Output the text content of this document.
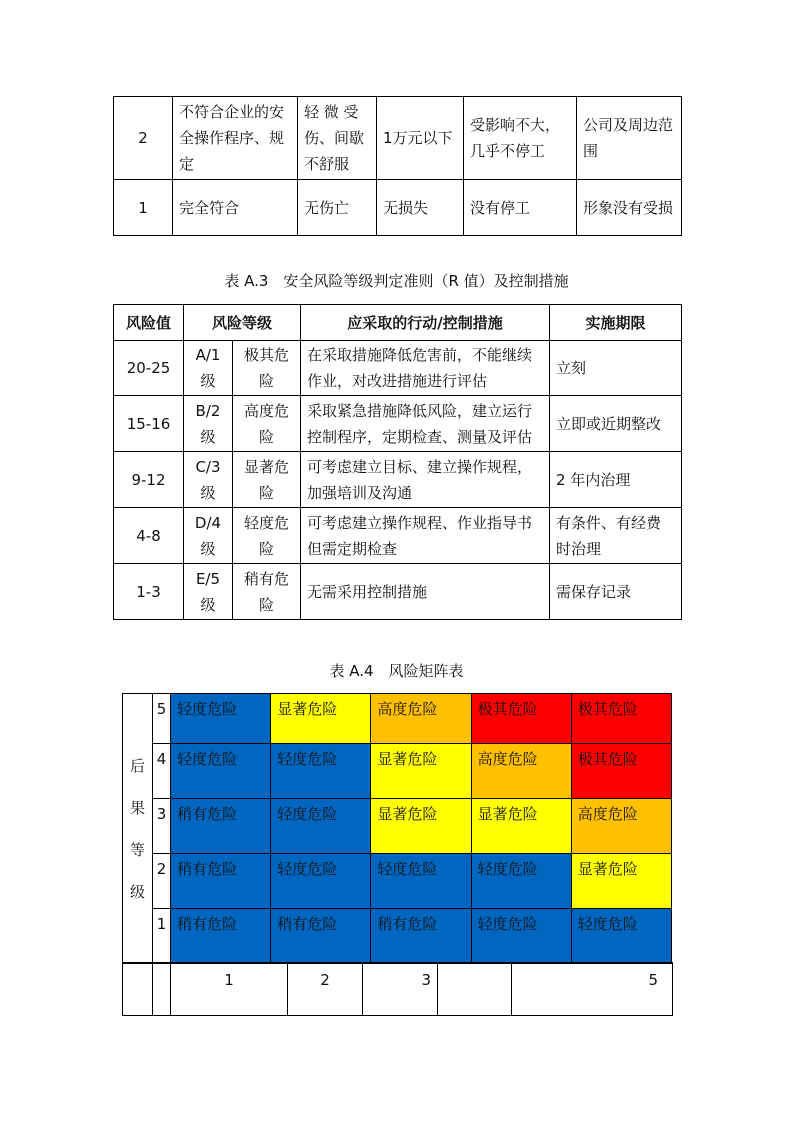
2	不符合企业的安全操作程序、规定	轻 微 受伤、间歇不舒服	1万元以下	受影响不大，几乎不停工	公司及周边范围
1	完全符合	无伤亡	无损失	没有停工	形象没有受损
表 A.3　安全风险等级判定准则（R 值）及控制措施
风险值	风险等级		应采取的行动/控制措施	实施期限
20-25	A/1级	极其危险	在采取措施降低危害前，不能继续作业，对改进措施进行评估	立刻
15-16	B/2级	高度危险	采取紧急措施降低风险，建立运行控制程序，定期检查、测量及评估	立即或近期整改
9-12	C/3级	显著危险	可考虑建立目标、建立操作规程，加强培训及沟通	2 年内治理
4-8	D/4级	轻度危险	可考虑建立操作规程、作业指导书但需定期检查	有条件、有经费时治理
1-3	E/5级	稍有危险	无需采用控制措施	需保存记录
表 A.4　风险矩阵表
后
果
等
级	5	轻度危险	显著危险	高度危险	极其危险	极其危险
	4	轻度危险	轻度危险	显著危险	高度危险	极其危险
	3	稍有危险	轻度危险	显著危险	显著危险	高度危险
	2	稍有危险	轻度危险	轻度危险	轻度危险	显著危险
	1	稍有危险	稍有危险	稍有危险	轻度危险	轻度危险
		1	2	3		5
